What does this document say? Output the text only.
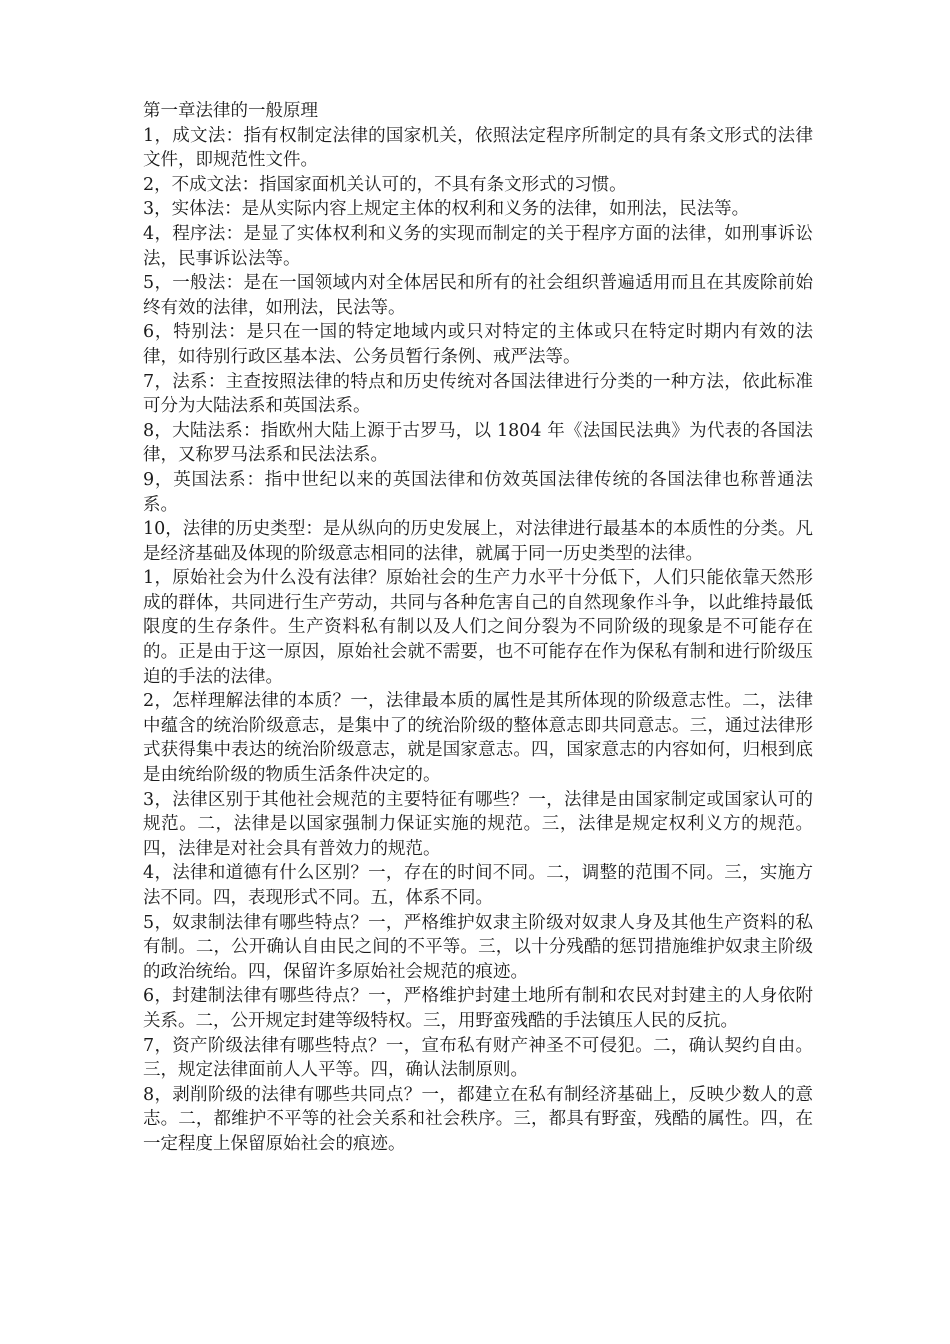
第一章法律的一般原理

1，成文法：指有权制定法律的国家机关，依照法定程序所制定的具有条文形式的法律文件，即规范性文件。

2，不成文法：指国家面机关认可的，不具有条文形式的习惯。

3，实体法：是从实际内容上规定主体的权利和义务的法律，如刑法，民法等。

4，程序法：是显了实体权利和义务的实现而制定的关于程序方面的法律，如刑事诉讼法，民事诉讼法等。

5，一般法：是在一国领域内对全体居民和所有的社会组织普遍适用而且在其废除前始终有效的法律，如刑法，民法等。

6，特别法：是只在一国的特定地域内或只对特定的主体或只在特定时期内有效的法律，如待别行政区基本法、公务员暂行条例、戒严法等。

7，法系：主查按照法律的特点和历史传统对各国法律进行分类的一种方法，依此标准可分为大陆法系和英国法系。

8，大陆法系：指欧州大陆上源于古罗马，以 1804 年《法国民法典》为代表的各国法律，又称罗马法系和民法法系。

9，英国法系：指中世纪以来的英国法律和仿效英国法律传统的各国法律也称普通法系。

10，法律的历史类型：是从纵向的历史发展上，对法律进行最基本的本质性的分类。凡是经济基础及体现的阶级意志相同的法律，就属于同一历史类型的法律。

1，原始社会为什么没有法律？原始社会的生产力水平十分低下，人们只能依靠天然形成的群体，共同进行生产劳动，共同与各种危害自己的自然现象作斗争，以此维持最低限度的生存条件。生产资料私有制以及人们之间分裂为不同阶级的现象是不可能存在的。正是由于这一原因，原始社会就不需要，也不可能存在作为保私有制和进行阶级压迫的手法的法律。

2，怎样理解法律的本质？一，法律最本质的属性是其所体现的阶级意志性。二，法律中蕴含的统治阶级意志，是集中了的统治阶级的整体意志即共同意志。三，通过法律形式获得集中表达的统治阶级意志，就是国家意志。四，国家意志的内容如何，归根到底是由统绐阶级的物质生活条件决定的。

3，法律区别于其他社会规范的主要特征有哪些？一，法律是由国家制定或国家认可的规范。二，法律是以国家强制力保证实施的规范。三，法律是规定权利义方的规范。四，法律是对社会具有普效力的规范。

4，法律和道德有什么区别？一，存在的时间不同。二，调整的范围不同。三，实施方法不同。四，表现形式不同。五，体系不同。

5，奴隶制法律有哪些特点？一，严格维护奴隶主阶级对奴隶人身及其他生产资料的私有制。二，公开确认自由民之间的不平等。三，以十分残酷的惩罚措施维护奴隶主阶级的政治统绐。四，保留许多原始社会规范的痕迹。

6，封建制法律有哪些待点？一，严格维护封建土地所有制和农民对封建主的人身依附关系。二，公开规定封建等级特权。三，用野蛮残酷的手法镇压人民的反抗。

7，资产阶级法律有哪些特点？一，宣布私有财产神圣不可侵犯。二，确认契约自由。三，规定法律面前人人平等。四，确认法制原则。

8，剥削阶级的法律有哪些共同点？一，都建立在私有制经济基础上，反映少数人的意志。二，都维护不平等的社会关系和社会秩序。三，都具有野蛮，残酷的属性。四，在一定程度上保留原始社会的痕迹。
